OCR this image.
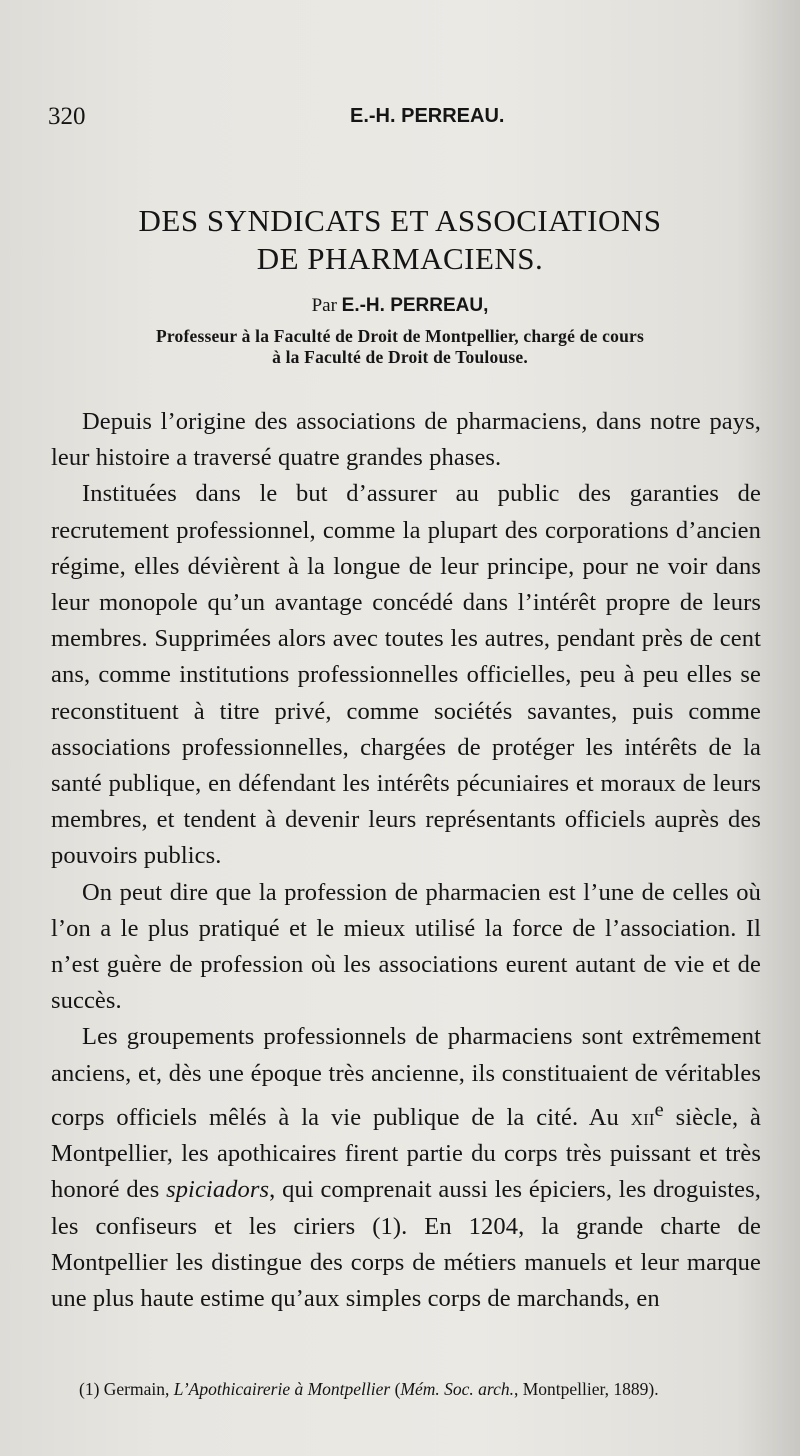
320	E.-H. PERREAU.
DES SYNDICATS ET ASSOCIATIONS
DE PHARMACIENS.
Par E.-H. PERREAU,
Professeur à la Faculté de Droit de Montpellier, chargé de cours
à la Faculté de Droit de Toulouse.

Depuis l’origine des associations de pharmaciens, dans notre pays, leur histoire a traversé quatre grandes phases.

Instituées dans le but d’assurer au public des garanties de recrutement professionnel, comme la plupart des corporations d’ancien régime, elles dévièrent à la longue de leur principe, pour ne voir dans leur monopole qu’un avantage concédé dans l’intérêt propre de leurs membres. Supprimées alors avec toutes les autres, pendant près de cent ans, comme institutions professionnelles officielles, peu à peu elles se reconstituent à titre privé, comme sociétés savantes, puis comme associations professionnelles, chargées de protéger les intérêts de la santé publique, en défendant les intérêts pécuniaires et moraux de leurs membres, et tendent à devenir leurs représentants officiels auprès des pouvoirs publics.

On peut dire que la profession de pharmacien est l’une de celles où l’on a le plus pratiqué et le mieux utilisé la force de l’association. Il n’est guère de profession où les associations eurent autant de vie et de succès.

Les groupements professionnels de pharmaciens sont extrêmement anciens, et, dès une époque très ancienne, ils constituaient de véritables corps officiels mêlés à la vie publique de la cité. Au xii$^e$ siècle, à Montpellier, les apothicaires firent partie du corps très puissant et très honoré des spiciadors, qui comprenait aussi les épiciers, les droguistes, les confiseurs et les ciriers (1). En 1204, la grande charte de Montpellier les distingue des corps de métiers manuels et leur marque une plus haute estime qu’aux simples corps de marchands, en

(1) Germain, L’Apothicairerie à Montpellier (Mém. Soc. arch., Montpellier, 1889).
